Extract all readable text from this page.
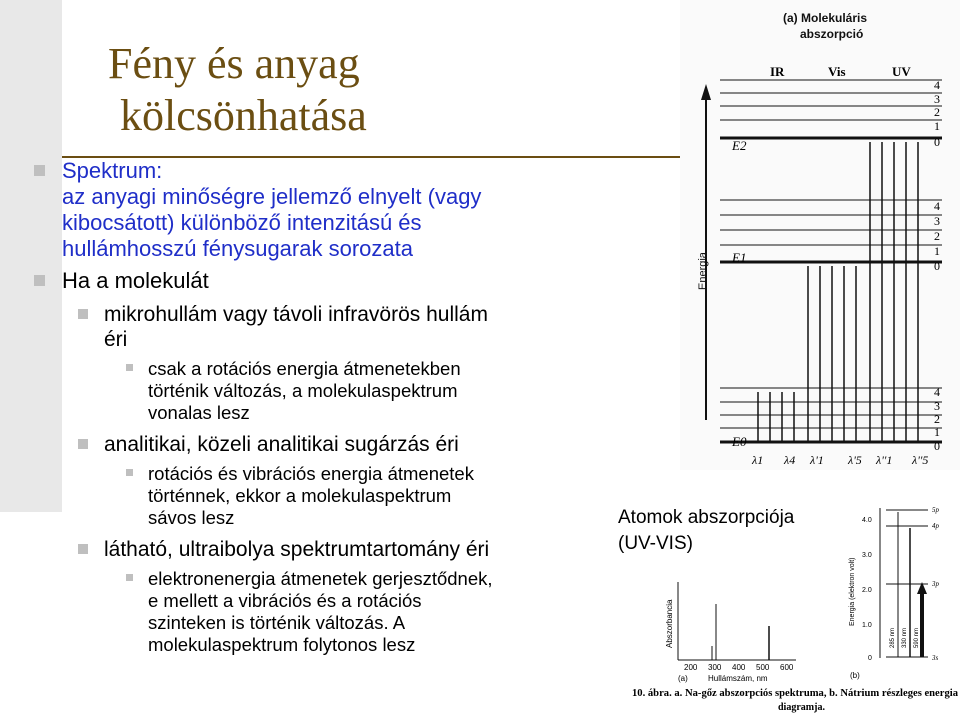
Fény és anyag
kölcsönhatása
Spektrum:
az anyagi minőségre jellemző elnyelt (vagy
kibocsátott) különböző intenzitású és
hullámhosszú fénysugarak sorozata
Ha a molekulát
mikrohullám vagy távoli infravörös hullám
éri
csak a rotációs energia átmenetekben
történik változás, a molekulaspektrum
vonalas lesz
analitikai, közeli analitikai sugárzás éri
rotációs és vibrációs energia átmenetek
történnek, ekkor a molekulaspektrum
sávos lesz
látható, ultraibolya spektrumtartomány éri
elektronenergia átmenetek gerjesztődnek,
e mellett a vibrációs és a rotációs
szinteken is történik változás. A
molekulaspektrum folytonos lesz
(a) Molekuláris
abszorpció
IR	Vis	UV
Energia
E2
E1
E0
4
3
2
1
0
4
3
2
1
0
4
3
2
1
0
λ1 λ4 λ'1 λ'5 λ''1 λ''5
Atomok abszorpciója
(UV-VIS)
Abszorbancia
200 300 400 500 600
Hullámszám, nm
(a)
Energia (elektron volt)
4.0
3.0
2.0
1.0
0
5p
4p
3p
3s
285 nm 330 nm 590 nm
(b)
10. ábra. a. Na-gőz abszorpciós spektruma, b. Nátrium részleges energia
diagramja.
